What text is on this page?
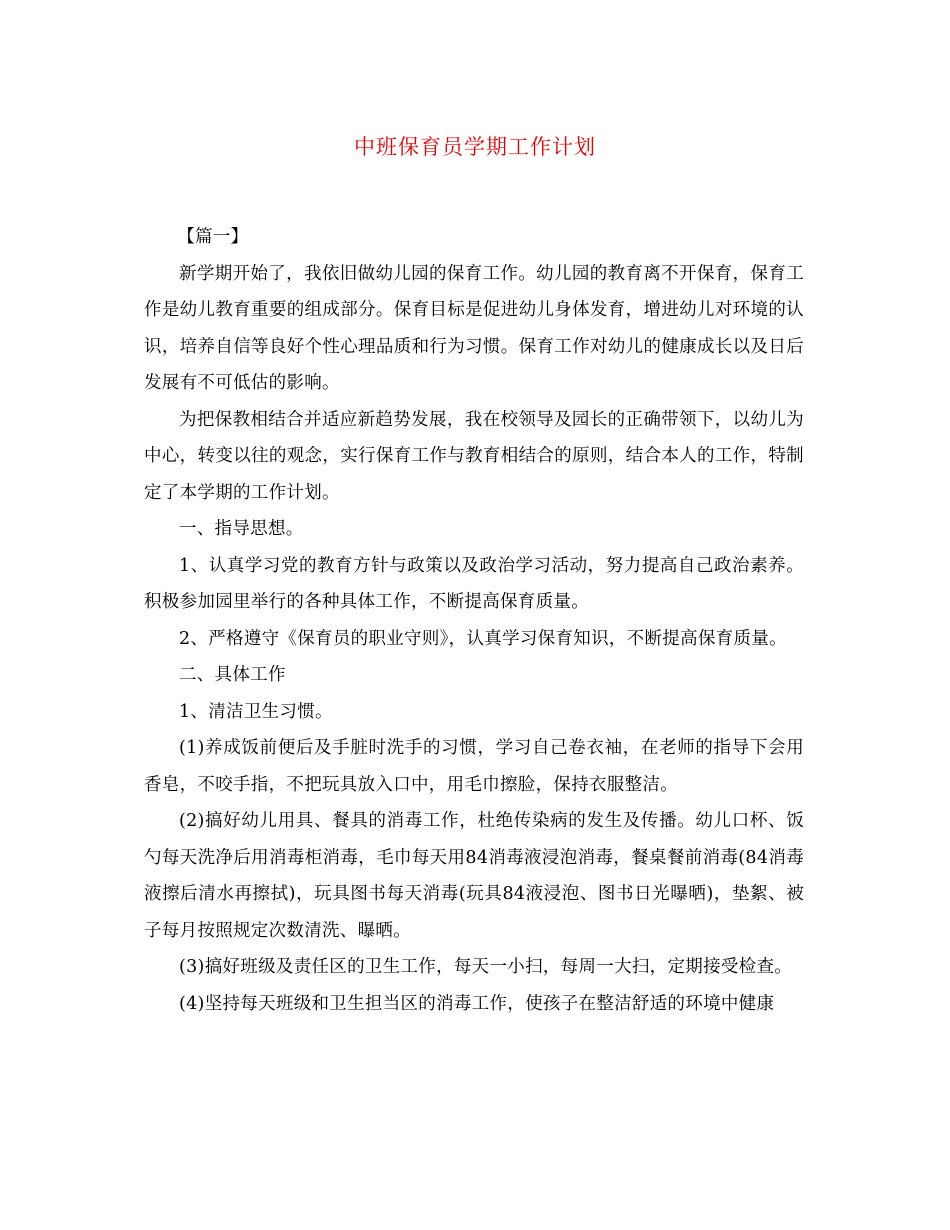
中班保育员学期工作计划

【篇一】

新学期开始了，我依旧做幼儿园的保育工作。幼儿园的教育离不开保育，保育工作是幼儿教育重要的组成部分。保育目标是促进幼儿身体发育，增进幼儿对环境的认识，培养自信等良好个性心理品质和行为习惯。保育工作对幼儿的健康成长以及日后发展有不可低估的影响。

为把保教相结合并适应新趋势发展，我在校领导及园长的正确带领下，以幼儿为中心，转变以往的观念，实行保育工作与教育相结合的原则，结合本人的工作，特制定了本学期的工作计划。

一、指导思想。

1、认真学习党的教育方针与政策以及政治学习活动，努力提高自己政治素养。积极参加园里举行的各种具体工作，不断提高保育质量。

2、严格遵守《保育员的职业守则》，认真学习保育知识，不断提高保育质量。

二、具体工作

1、清洁卫生习惯。

(1)养成饭前便后及手脏时洗手的习惯，学习自己卷衣袖，在老师的指导下会用香皂，不咬手指，不把玩具放入口中，用毛巾擦脸，保持衣服整洁。

(2)搞好幼儿用具、餐具的消毒工作，杜绝传染病的发生及传播。幼儿口杯、饭勺每天洗净后用消毒柜消毒，毛巾每天用84消毒液浸泡消毒，餐桌餐前消毒(84消毒液擦后清水再擦拭)，玩具图书每天消毒(玩具84液浸泡、图书日光曝晒)，垫絮、被子每月按照规定次数清洗、曝晒。

(3)搞好班级及责任区的卫生工作，每天一小扫，每周一大扫，定期接受检查。

(4)坚持每天班级和卫生担当区的消毒工作，使孩子在整洁舒适的环境中健康
